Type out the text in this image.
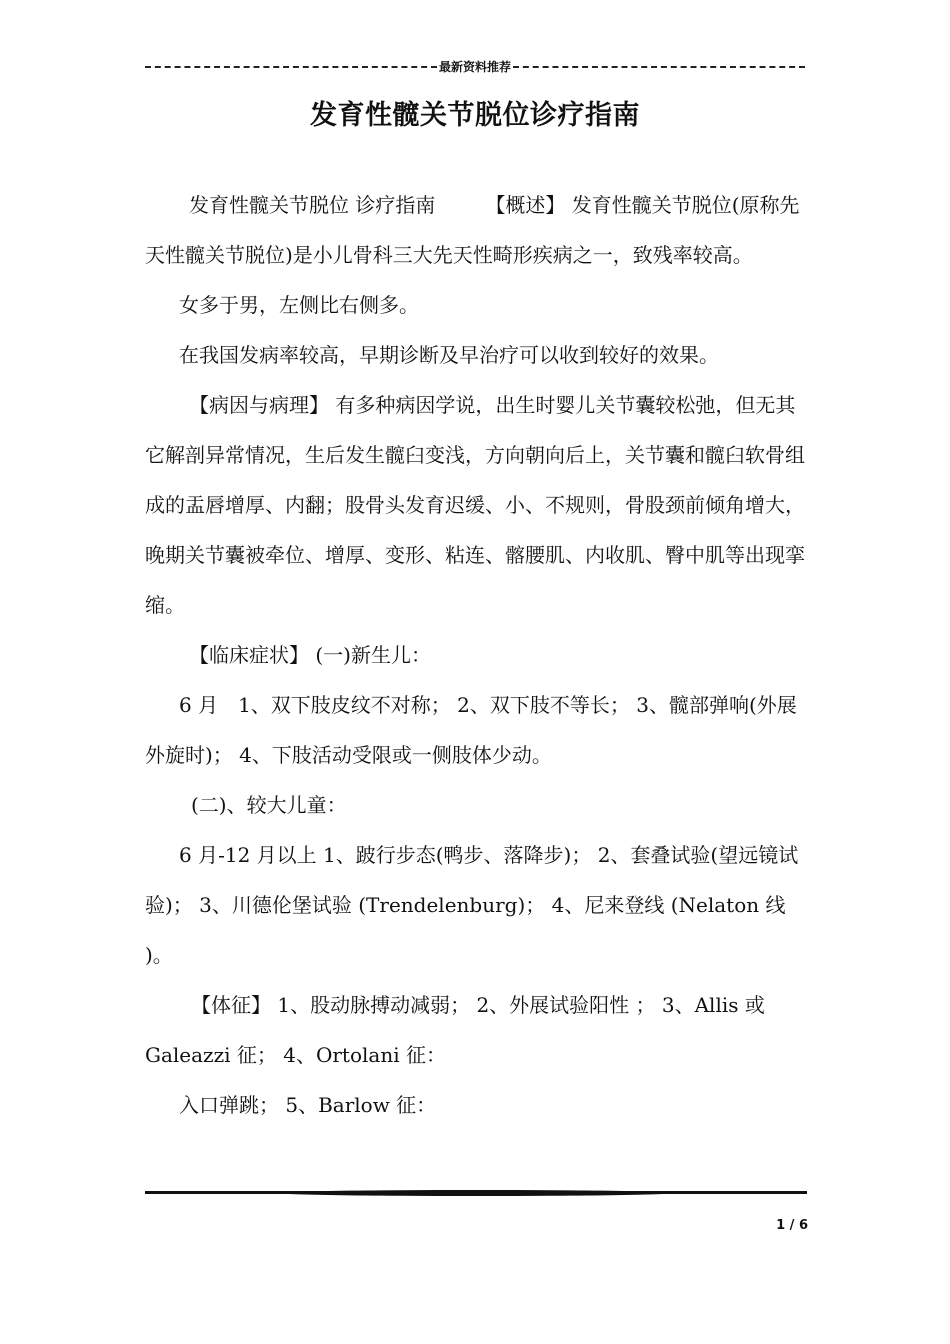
最新资料推荐
发育性髋关节脱位诊疗指南

发育性髋关节脱位 诊疗指南　　　【概述】 发育性髋关节脱位(原称先天性髋关节脱位)是小儿骨科三大先天性畸形疾病之一，致残率较高。

女多于男，左侧比右侧多。

在我国发病率较高，早期诊断及早治疗可以收到较好的效果。

【病因与病理】 有多种病因学说，出生时婴儿关节囊较松弛，但无其它解剖异常情况，生后发生髋臼变浅，方向朝向后上，关节囊和髋臼软骨组成的盂唇增厚、内翻；股骨头发育迟缓、小、不规则，骨股颈前倾角增大，晚期关节囊被牵位、增厚、变形、粘连、髂腰肌、内收肌、臀中肌等出现挛缩。

【临床症状】 (一)新生儿：

6 月　1、双下肢皮纹不对称； 2、双下肢不等长； 3、髋部弹响(外展外旋时)； 4、下肢活动受限或一侧肢体少动。

(二)、较大儿童：

6 月-12 月以上 1、跛行步态(鸭步、落降步)； 2、套叠试验(望远镜试验)； 3、川德伦堡试验 (Trendelenburg)； 4、尼来登线 (Nelaton 线 )。

【体征】 1、股动脉搏动减弱； 2、外展试验阳性 ； 3、Allis 或 Galeazzi 征； 4、Ortolani 征：

入口弹跳； 5、Barlow 征：

1 / 6
